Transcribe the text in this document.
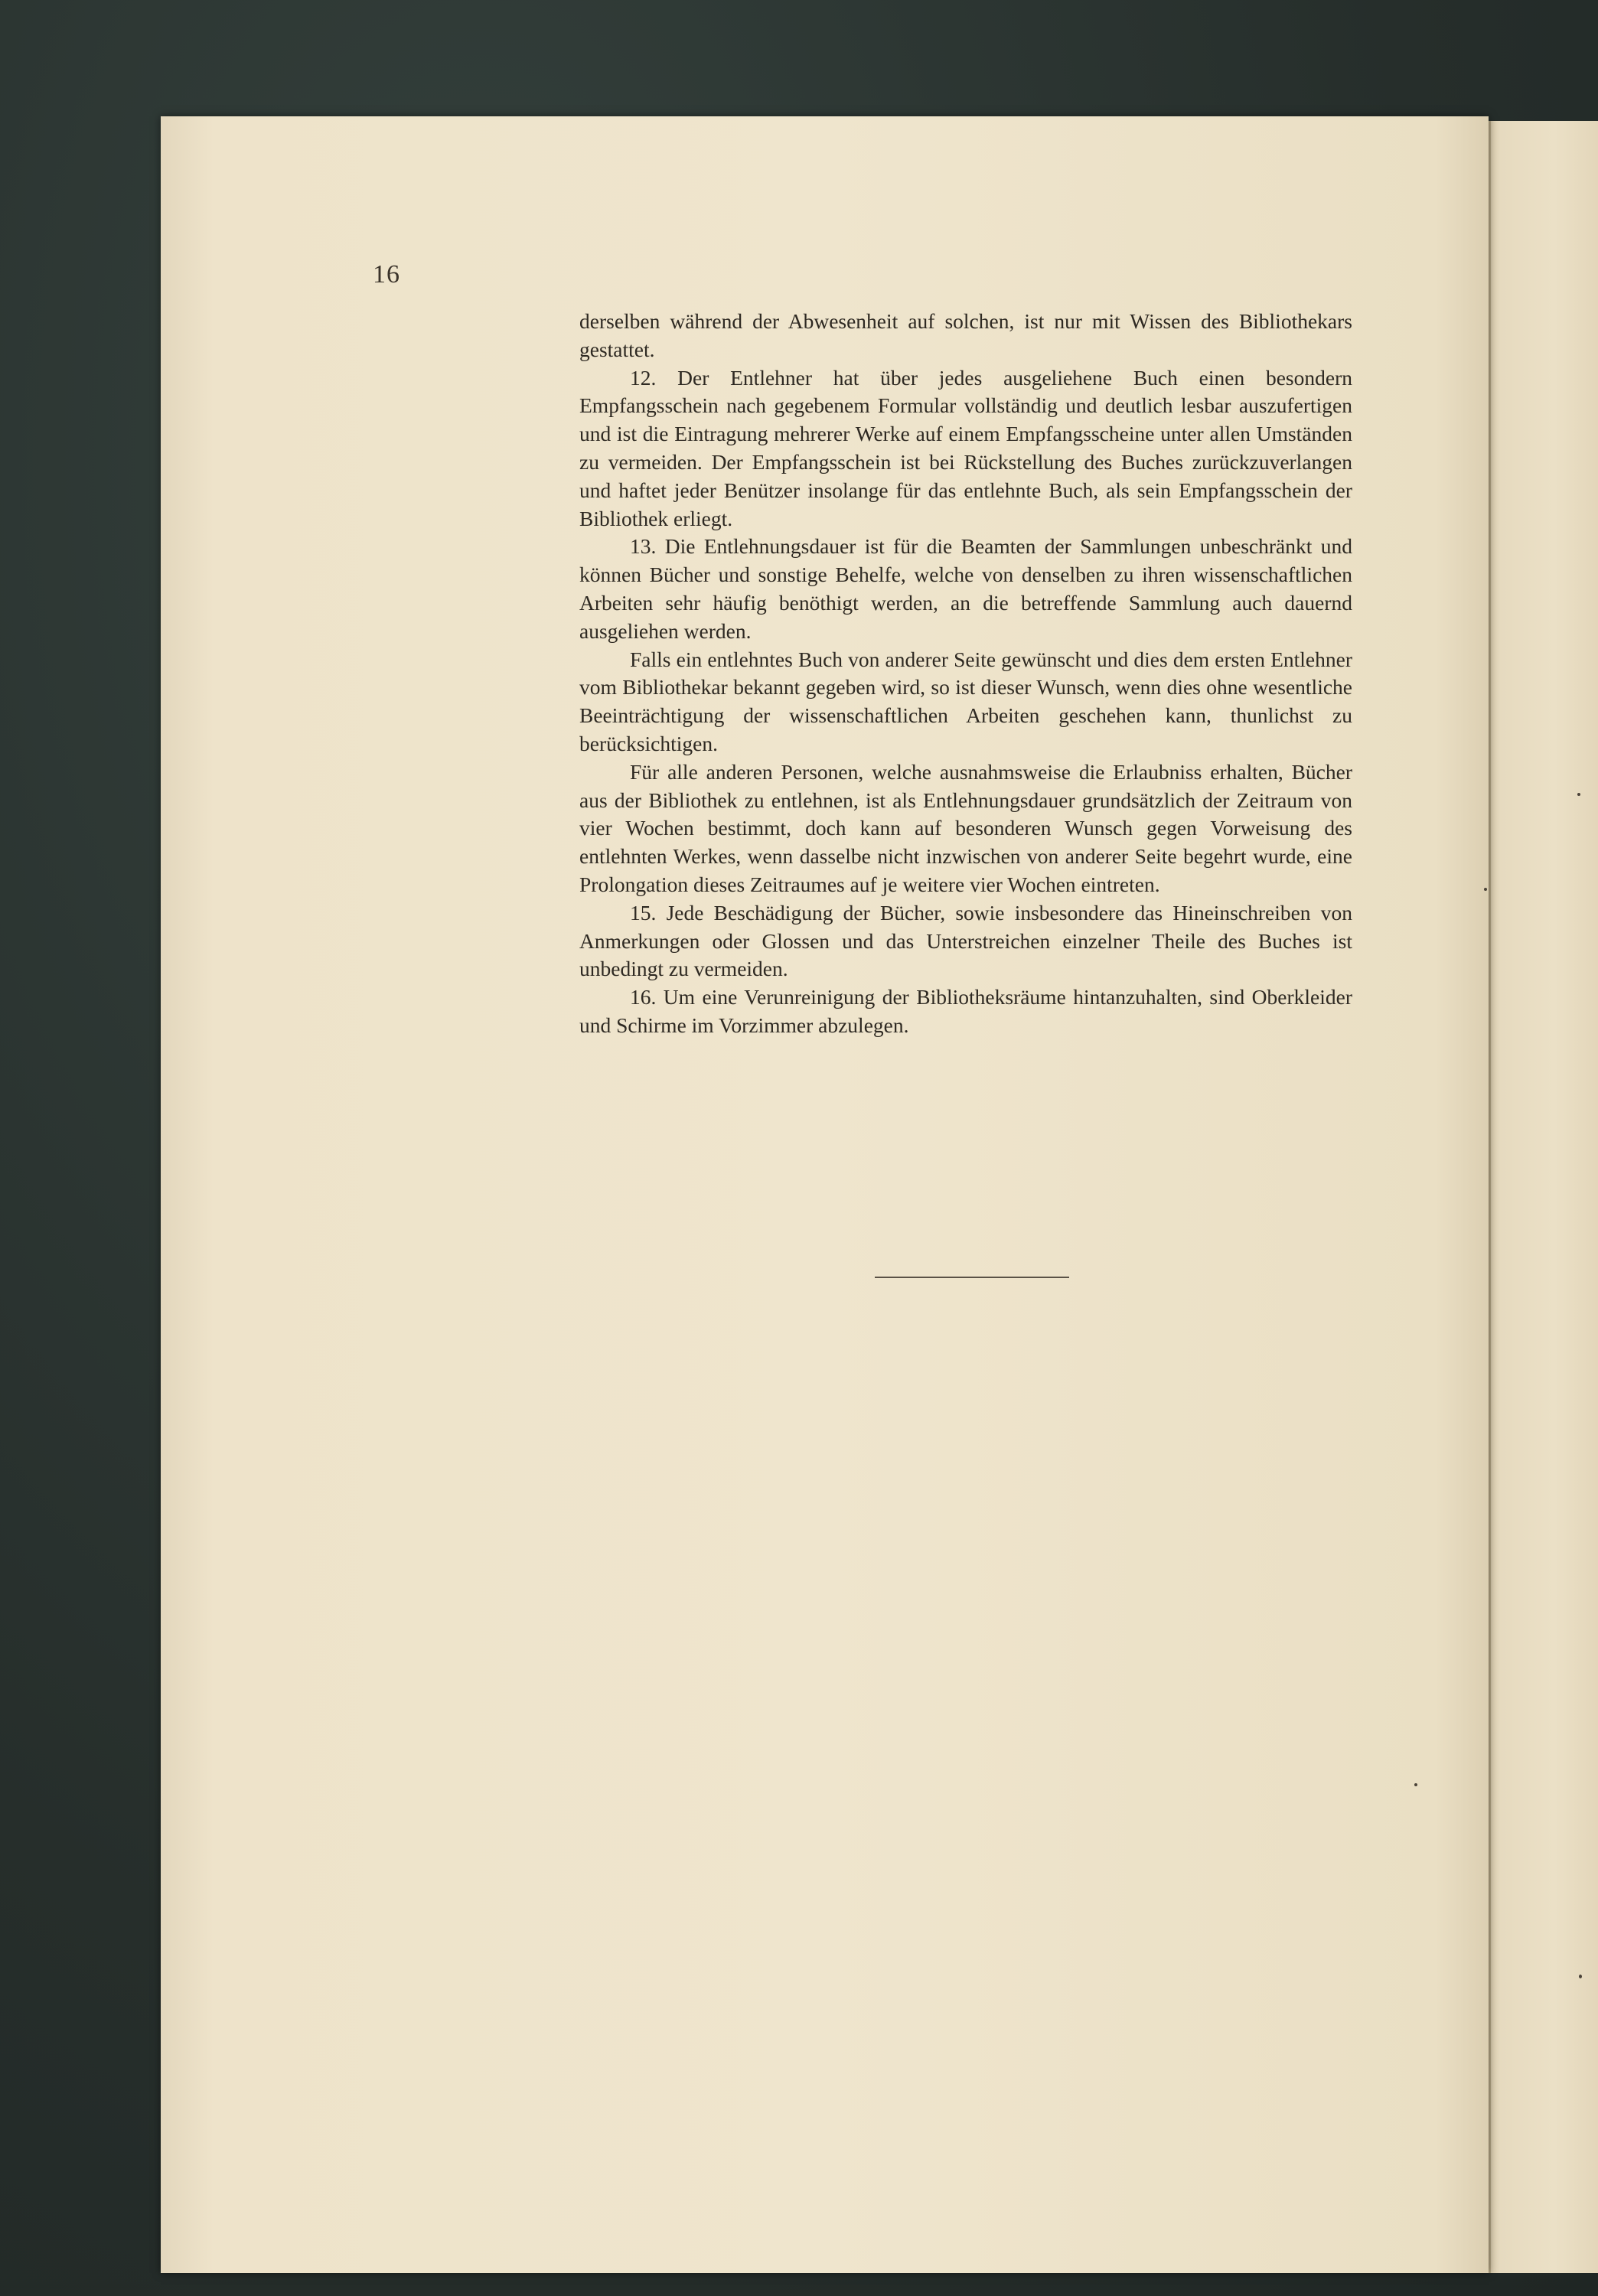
16

derselben während der Abwesenheit auf solchen, ist nur mit Wissen des Bibliothekars gestattet.

12. Der Entlehner hat über jedes ausgeliehene Buch einen besondern Empfangsschein nach gegebenem Formular vollständig und deutlich lesbar auszufertigen und ist die Eintragung mehrerer Werke auf einem Empfangsscheine unter allen Umständen zu vermeiden. Der Empfangsschein ist bei Rückstellung des Buches zurückzuverlangen und haftet jeder Benützer insolange für das entlehnte Buch, als sein Empfangsschein der Bibliothek erliegt.

13. Die Entlehnungsdauer ist für die Beamten der Sammlungen unbeschränkt und können Bücher und sonstige Behelfe, welche von denselben zu ihren wissenschaftlichen Arbeiten sehr häufig benöthigt werden, an die betreffende Sammlung auch dauernd ausgeliehen werden.

Falls ein entlehntes Buch von anderer Seite gewünscht und dies dem ersten Entlehner vom Bibliothekar bekannt gegeben wird, so ist dieser Wunsch, wenn dies ohne wesentliche Beeinträchtigung der wissenschaftlichen Arbeiten geschehen kann, thunlichst zu berücksichtigen.

Für alle anderen Personen, welche ausnahmsweise die Erlaubniss erhalten, Bücher aus der Bibliothek zu entlehnen, ist als Entlehnungsdauer grundsätzlich der Zeitraum von vier Wochen bestimmt, doch kann auf besonderen Wunsch gegen Vorweisung des entlehnten Werkes, wenn dasselbe nicht inzwischen von anderer Seite begehrt wurde, eine Prolongation dieses Zeitraumes auf je weitere vier Wochen eintreten.

15. Jede Beschädigung der Bücher, sowie insbesondere das Hineinschreiben von Anmerkungen oder Glossen und das Unterstreichen einzelner Theile des Buches ist unbedingt zu vermeiden.

16. Um eine Verunreinigung der Bibliotheksräume hintanzuhalten, sind Oberkleider und Schirme im Vorzimmer abzulegen.
